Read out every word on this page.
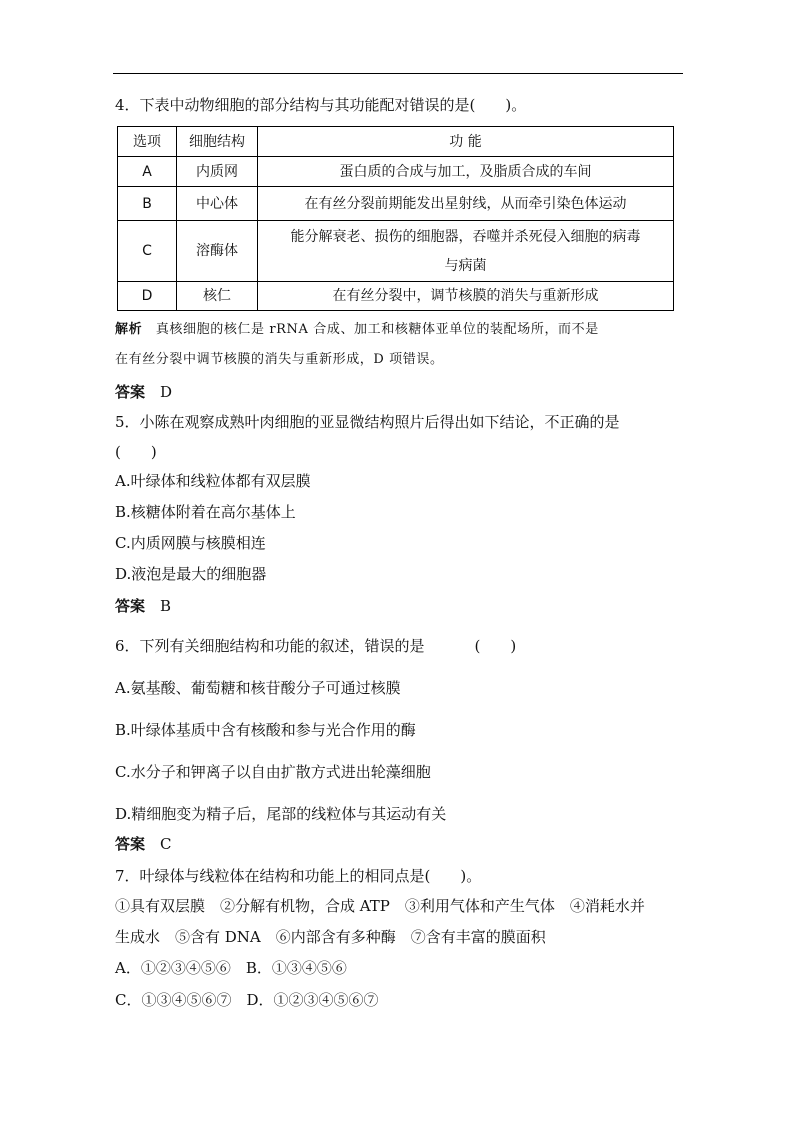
4．下表中动物细胞的部分结构与其功能配对错误的是(　　)。
选项	细胞结构	功 能
A	内质网	蛋白质的合成与加工，及脂质合成的车间
B	中心体	在有丝分裂前期能发出星射线，从而牵引染色体运动
C	溶酶体	能分解衰老、损伤的细胞器，吞噬并杀死侵入细胞的病毒
与病菌

D	核仁	在有丝分裂中，调节核膜的消失与重新形成
解析　 真核细胞的核仁是 rRNA 合成、加工和核糖体亚单位的装配场所，而不是
在有丝分裂中调节核膜的消失与重新形成，D 项错误。
答案　 D
5．小陈在观察成熟叶肉细胞的亚显微结构照片后得出如下结论，不正确的是
(　　)
A.叶绿体和线粒体都有双层膜
B.核糖体附着在高尔基体上
C.内质网膜与核膜相连
D.液泡是最大的细胞器
答案　 B
6．下列有关细胞结构和功能的叙述，错误的是	(　　)
A.氨基酸、葡萄糖和核苷酸分子可通过核膜
B.叶绿体基质中含有核酸和参与光合作用的酶
C.水分子和钾离子以自由扩散方式进出轮藻细胞
D.精细胞变为精子后，尾部的线粒体与其运动有关
答案　 C
7．叶绿体与线粒体在结构和功能上的相同点是(　　)。
①具有双层膜　②分解有机物，合成 ATP　③利用气体和产生气体　④消耗水并
生成水　⑤含有 DNA　⑥内部含有多种酶　⑦含有丰富的膜面积
A．①②③④⑤⑥　B．①③④⑤⑥
C．①③④⑤⑥⑦　D．①②③④⑤⑥⑦
